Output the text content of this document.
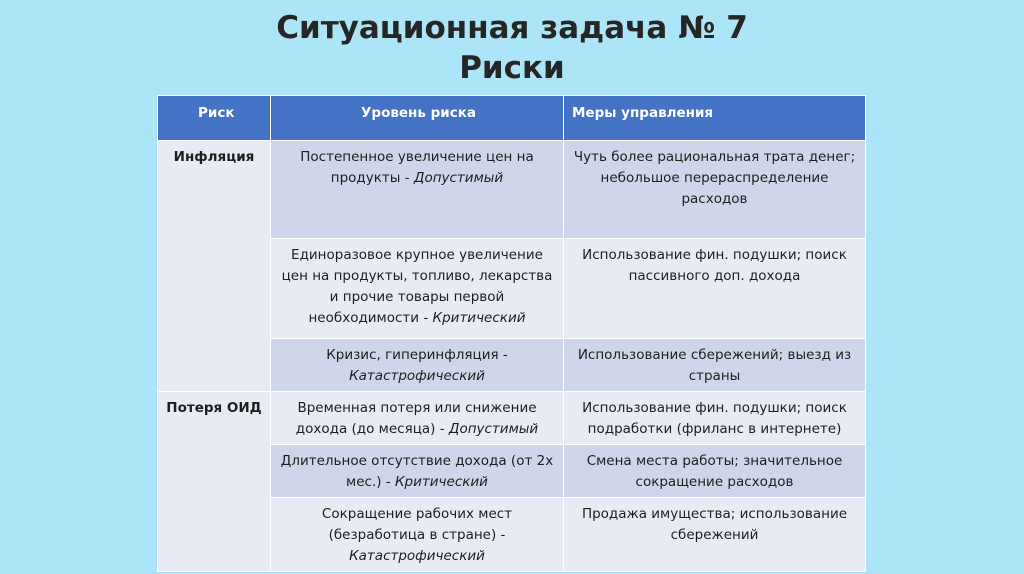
Ситуационная задача № 7
Риски
Риск	Уровень риска	Меры управления
Инфляция	Постепенное увеличение цен на продукты - Допустимый	Чуть более рациональная трата денег; небольшое перераспределение расходов
	Единоразовое крупное увеличение цен на продукты, топливо, лекарства и прочие товары первой необходимости - Критический	Использование фин. подушки; поиск пассивного доп. дохода
	Кризис, гиперинфляция - Катастрофический	Использование сбережений; выезд из страны
Потеря ОИД	Временная потеря или снижение дохода (до месяца) - Допустимый	Использование фин. подушки; поиск подработки (фриланс в интернете)
	Длительное отсутствие дохода (от 2х мес.) - Критический	Смена места работы; значительное сокращение расходов
	Сокращение рабочих мест (безработица в стране) - Катастрофический	Продажа имущества; использование сбережений
